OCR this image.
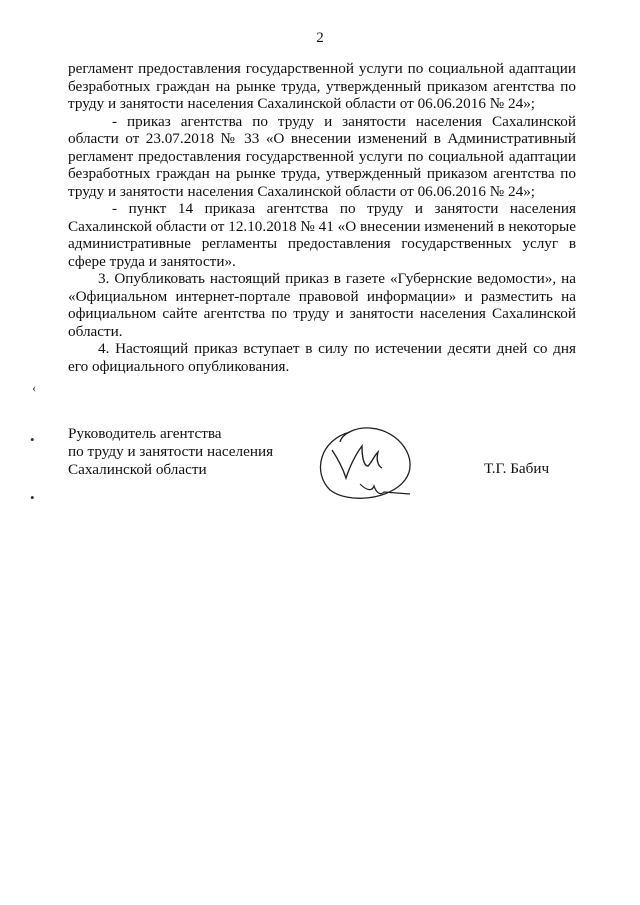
2

регламент предоставления государственной услуги по социальной адаптации безработных граждан на рынке труда, утвержденный приказом агентства по труду и занятости населения Сахалинской области от 06.06.2016 № 24»;

- приказ агентства по труду и занятости населения Сахалинской области от 23.07.2018 № 33 «О внесении изменений в Административный регламент предоставления государственной услуги по социальной адаптации безработных граждан на рынке труда, утвержденный приказом агентства по труду и занятости населения Сахалинской области от 06.06.2016 № 24»;

- пункт 14 приказа агентства по труду и занятости населения Сахалинской области от 12.10.2018 № 41 «О внесении изменений в некоторые административные регламенты предоставления государственных услуг в сфере труда и занятости».

3. Опубликовать настоящий приказ в газете «Губернские ведомости», на «Официальном интернет-портале правовой информации» и разместить на официальном сайте агентства по труду и занятости населения Сахалинской области.

4. Настоящий приказ вступает в силу по истечении десяти дней со дня его официального опубликования.

Руководитель агентства
по труду и занятости населения
Сахалинской области	Т.Г. Бабич
‹
•
•
